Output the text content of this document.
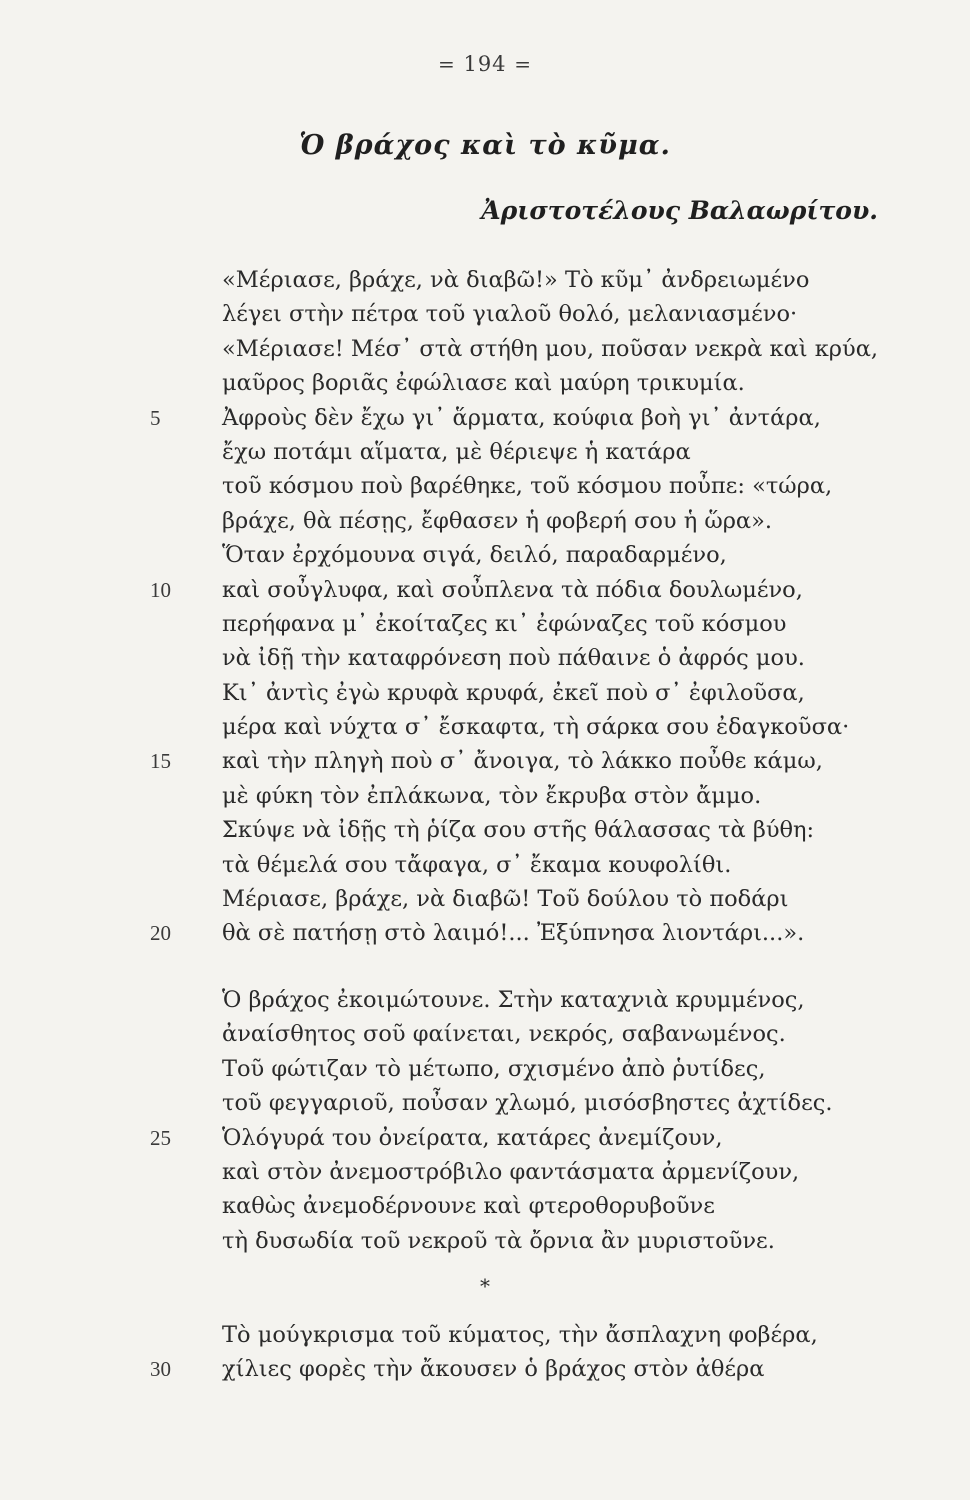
= 194 =
Ὁ βράχος καὶ τὸ κῦμα.
Ἀριστοτέλους Βαλαωρίτου.
«Μέριασε, βράχε, νὰ διαβῶ!» Τὸ κῦμ᾽ ἀνδρειωμένο
λέγει στὴν πέτρα τοῦ γιαλοῦ θολό, μελανιασμένο·
«Μέριασε! Μέσ᾽ στὰ στήθη μου, ποῦσαν νεκρὰ καὶ κρύα,
μαῦρος βοριᾶς ἐφώλιασε καὶ μαύρη τρικυμία.
5	Ἀφροὺς δὲν ἔχω γι᾽ ἅρματα, κούφια βοὴ γι᾽ ἀντάρα,
ἔχω ποτάμι αἵματα, μὲ θέριεψε ἡ κατάρα
τοῦ κόσμου ποὺ βαρέθηκε, τοῦ κόσμου ποὖπε: «τώρα,
βράχε, θὰ πέσῃς, ἔφθασεν ἡ φοβερή σου ἡ ὥρα».
Ὅταν ἐρχόμουνα σιγά, δειλό, παραδαρμένο,
10	καὶ σοὖγλυφα, καὶ σοὖπλενα τὰ πόδια δουλωμένο,
περήφανα μ᾽ ἐκοίταζες κι᾽ ἐφώναζες τοῦ κόσμου
νὰ ἰδῇ τὴν καταφρόνεση ποὺ πάθαινε ὁ ἀφρός μου.
Κι᾽ ἀντὶς ἐγὼ κρυφὰ κρυφά, ἐκεῖ ποὺ σ᾽ ἐφιλοῦσα,
μέρα καὶ νύχτα σ᾽ ἔσκαφτα, τὴ σάρκα σου ἐδαγκοῦσα·
15	καὶ τὴν πληγὴ ποὺ σ᾽ ἄνοιγα, τὸ λάκκο ποὖθε κάμω,
μὲ φύκη τὸν ἐπλάκωνα, τὸν ἔκρυβα στὸν ἄμμο.
Σκύψε νὰ ἰδῇς τὴ ῥίζα σου στῆς θάλασσας τὰ βύθη:
τὰ θέμελά σου τἄφαγα, σ᾽ ἔκαμα κουφολίθι.
Μέριασε, βράχε, νὰ διαβῶ! Τοῦ δούλου τὸ ποδάρι
20	θὰ σὲ πατήσῃ στὸ λαιμό!... Ἐξύπνησα λιοντάρι...».
Ὁ βράχος ἐκοιμώτουνε. Στὴν καταχνιὰ κρυμμένος,
ἀναίσθητος σοῦ φαίνεται, νεκρός, σαβανωμένος.
Τοῦ φώτιζαν τὸ μέτωπο, σχισμένο ἀπὸ ῥυτίδες,
τοῦ φεγγαριοῦ, ποὖσαν χλωμό, μισόσβηστες ἀχτίδες.
25	Ὁλόγυρά του ὀνείρατα, κατάρες ἀνεμίζουν,
καὶ στὸν ἀνεμοστρόβιλο φαντάσματα ἀρμενίζουν,
καθὼς ἀνεμοδέρνουνε καὶ φτεροθορυβοῦνε
τὴ δυσωδία τοῦ νεκροῦ τὰ ὄρνια ἂν μυριστοῦνε.
*
Τὸ μούγκρισμα τοῦ κύματος, τὴν ἄσπλαχνη φοβέρα,
30	χίλιες φορὲς τὴν ἄκουσεν ὁ βράχος στὸν ἀθέρα
